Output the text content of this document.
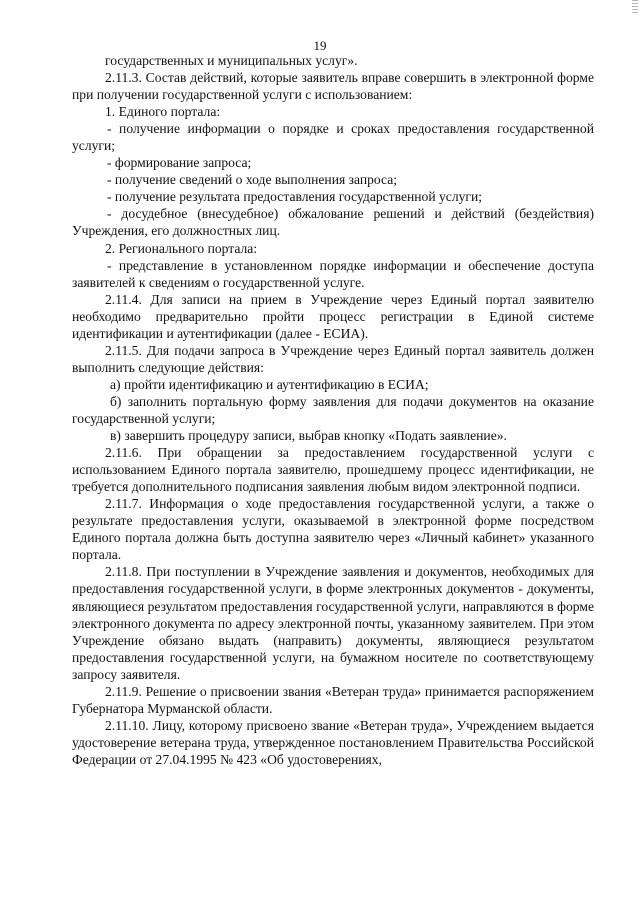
19

государственных и муниципальных услуг».

2.11.3. Состав действий, которые заявитель вправе совершить в электронной форме при получении государственной услуги с использованием:

1. Единого портала:

- получение информации о порядке и сроках предоставления государственной услуги;

- формирование запроса;

- получение сведений о ходе выполнения запроса;

- получение результата предоставления государственной услуги;

- досудебное (внесудебное) обжалование решений и действий (бездействия) Учреждения, его должностных лиц.

2. Регионального портала:

- представление в установленном порядке информации и обеспечение доступа заявителей к сведениям о государственной услуге.

2.11.4. Для записи на прием в Учреждение через Единый портал заявителю необходимо предварительно пройти процесс регистрации в Единой системе идентификации и аутентификации (далее - ЕСИА).

2.11.5. Для подачи запроса в Учреждение через Единый портал заявитель должен выполнить следующие действия:

а) пройти идентификацию и аутентификацию в ЕСИА;

б) заполнить портальную форму заявления для подачи документов на оказание государственной услуги;

в) завершить процедуру записи, выбрав кнопку «Подать заявление».

2.11.6. При обращении за предоставлением государственной услуги с использованием Единого портала заявителю, прошедшему процесс идентификации, не требуется дополнительного подписания заявления любым видом электронной подписи.

2.11.7. Информация о ходе предоставления государственной услуги, а также о результате предоставления услуги, оказываемой в электронной форме посредством Единого портала должна быть доступна заявителю через «Личный кабинет» указанного портала.

2.11.8. При поступлении в Учреждение заявления и документов, необходимых для предоставления государственной услуги, в форме электронных документов - документы, являющиеся результатом предоставления государственной услуги, направляются в форме электронного документа по адресу электронной почты, указанному заявителем. При этом Учреждение обязано выдать (направить) документы, являющиеся результатом предоставления государственной услуги, на бумажном носителе по соответствующему запросу заявителя.

2.11.9. Решение о присвоении звания «Ветеран труда» принимается распоряжением Губернатора Мурманской области.

2.11.10. Лицу, которому присвоено звание «Ветеран труда», Учреждением выдается удостоверение ветерана труда, утвержденное постановлением Правительства Российской Федерации от 27.04.1995 № 423 «Об удостоверениях,
